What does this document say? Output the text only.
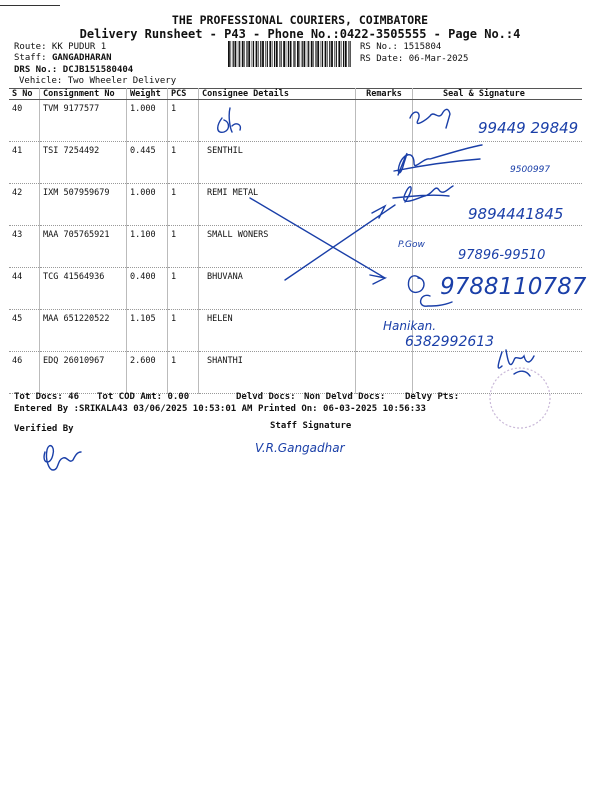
THE PROFESSIONAL COURIERS, COIMBATORE
Delivery Runsheet - P43 - Phone No.:0422-3505555 - Page No.:4
Route: KK PUDUR 1
Staff: GANGADHARAN
DRS No.: DCJB151580404
Vehicle: Two Wheeler Delivery
RS No.: 1515804
RS Date: 06-Mar-2025
S No	Consignment No	Weight	PCS	Consignee Details	Remarks	Seal & Signature
40	TVM 9177577	1.000	1			
41	TSI 7254492	0.445	1	SENTHIL		
42	IXM 507959679	1.000	1	REMI METAL		
43	MAA 705765921	1.100	1	SMALL WONERS		
44	TCG 41564936	0.400	1	BHUVANA		
45	MAA 651220522	1.105	1	HELEN		
46	EDQ 26010967	2.600	1	SHANTHI		
99449 29849
9500997
9894441845
P.Gow
97896-99510
9788110787
Hanikan.
6382992613
V.R.Gangadhar
Tot Docs: 46 Tot COD Amt: 0.00	Delvd Docs: Non Delvd Docs: Delvy Pts:
Entered By :SRIKALA43 03/06/2025 10:53:01 AM Printed On: 06-03-2025 10:56:33
Verified By	Staff Signature
